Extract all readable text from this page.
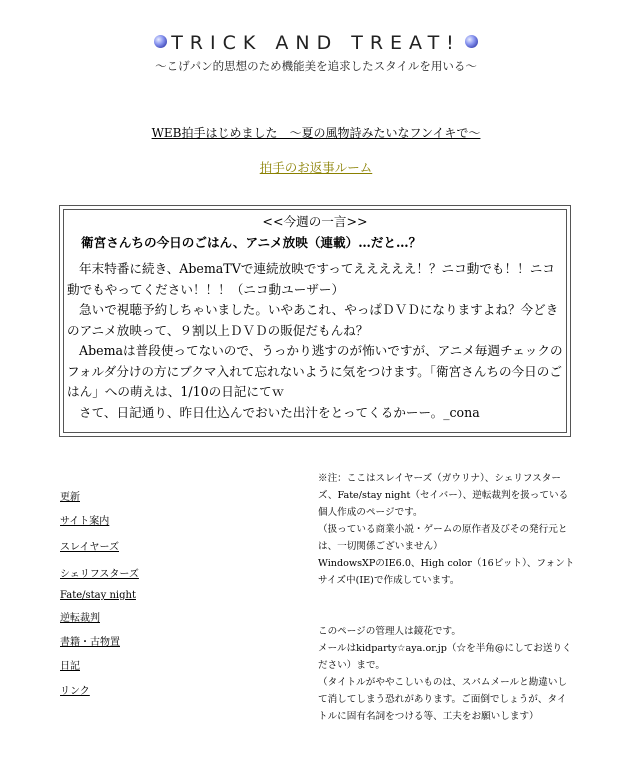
TRICK AND TREAT!
～こげパン的思想のため機能美を追求したスタイルを用いる～
WEB拍手はじめました　～夏の風物詩みたいなフンイキで～
拍手のお返事ルーム
<<今週の一言>>
衛宮さんちの今日のごはん、アニメ放映（連載）…だと…？

年末特番に続き、AbemaTVで連続放映ですってえええええ！？ニコ動でも！！ニコ動でもやってください！！！（ニコ動ユーザー）

急いで視聴予約しちゃいました。いやあこれ、やっぱＤＶＤになりますよね？今どきのアニメ放映って、９割以上ＤＶＤの販促だもんね？

Abemaは普段使ってないので、うっかり逃すのが怖いですが、アニメ毎週チェックのフォルダ分けの方にブクマ入れて忘れないように気をつけます。「衛宮さんちの今日のごはん」への萌えは、1/10の日記にてｗ

さて、日記通り、昨日仕込んでおいた出汁をとってくるかーー。_cona

更新
サイト案内
スレイヤーズ
シェリフスターズ
Fate/stay night
逆転裁判
書籍・古物置
日記
リンク

※注：ここはスレイヤーズ（ガウリナ）、シェリフスターズ、Fate/stay night（セイバー）、逆転裁判を扱っている個人作成のページです。

（扱っている商業小説・ゲームの原作者及びその発行元とは、一切関係ございません）

WindowsXPのIE6.0、High color（16ビット）、フォントサイズ中(IE)で作成しています。

このページの管理人は鏡花です。

メールはkidparty☆aya.or.jp（☆を半角@にしてお送りください）まで。

（タイトルがややこしいものは、スパムメールと勘違いして消してしまう恐れがあります。ご面倒でしょうが、タイトルに固有名詞をつける等、工夫をお願いします）
